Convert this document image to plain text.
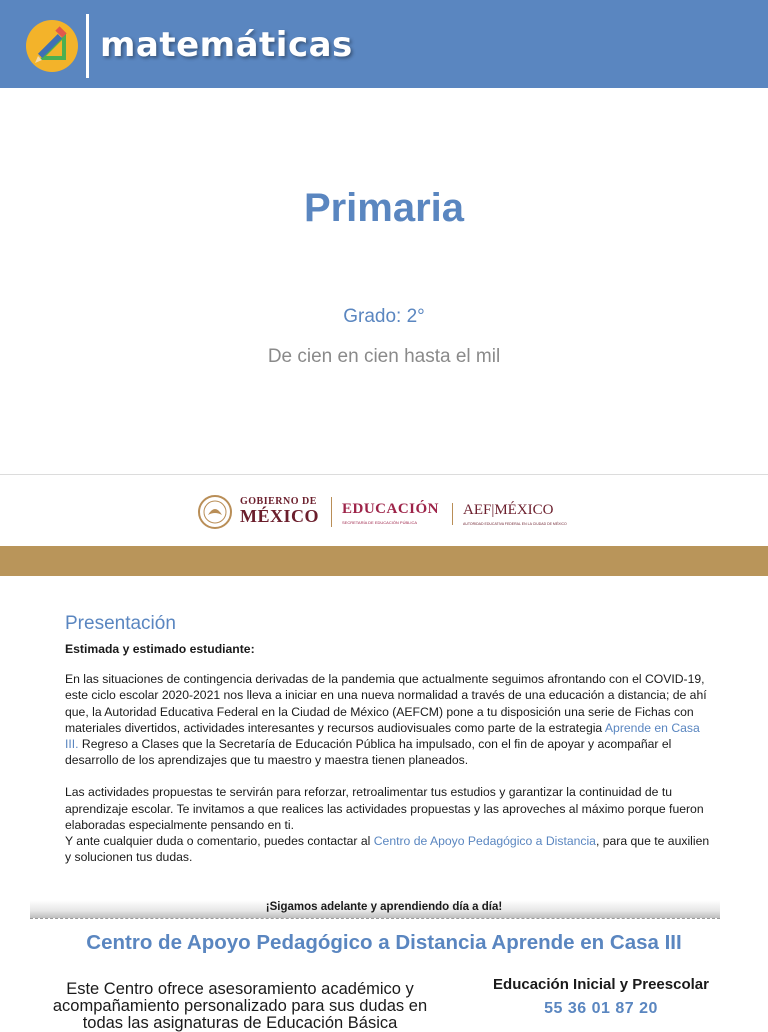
matemáticas
Primaria
Grado: 2°
De cien en cien hasta el mil
GOBIERNO DE
MÉXICO EDUCACIÓN
SECRETARÍA DE EDUCACIÓN PÚBLICA
AEF|MÉXICO
AUTORIDAD EDUCATIVA FEDERAL EN LA CIUDAD DE MÉXICO
Presentación

Estimada y estimado estudiante:

En las situaciones de contingencia derivadas de la pandemia que actualmente seguimos afrontando con el COVID-19, este ciclo escolar 2020-2021 nos lleva a iniciar en una nueva normalidad a través de una educación a distancia; de ahí que, la Autoridad Educativa Federal en la Ciudad de México (AEFCM) pone a tu disposición una serie de Fichas con materiales divertidos, actividades interesantes y recursos audiovisuales como parte de la estrategia Aprende en Casa III. Regreso a Clases que la Secretaría de Educación Pública ha impulsado, con el fin de apoyar y acompañar el desarrollo de los aprendizajes que tu maestro y maestra tienen planeados.

Las actividades propuestas te servirán para reforzar, retroalimentar tus estudios y garantizar la continuidad de tu aprendizaje escolar. Te invitamos a que realices las actividades propuestas y las aproveches al máximo porque fueron elaboradas especialmente pensando en ti.

Y ante cualquier duda o comentario, puedes contactar al Centro de Apoyo Pedagógico a Distancia, para que te auxilien y solucionen tus dudas.

¡Sigamos adelante y aprendiendo día a día!
Centro de Apoyo Pedagógico a Distancia Aprende en Casa III
Este Centro ofrece asesoramiento académico y acompañamiento personalizado para sus dudas en todas las asignaturas de Educación Básica
Educación Inicial y Preescolar
55 36 01 87 20
